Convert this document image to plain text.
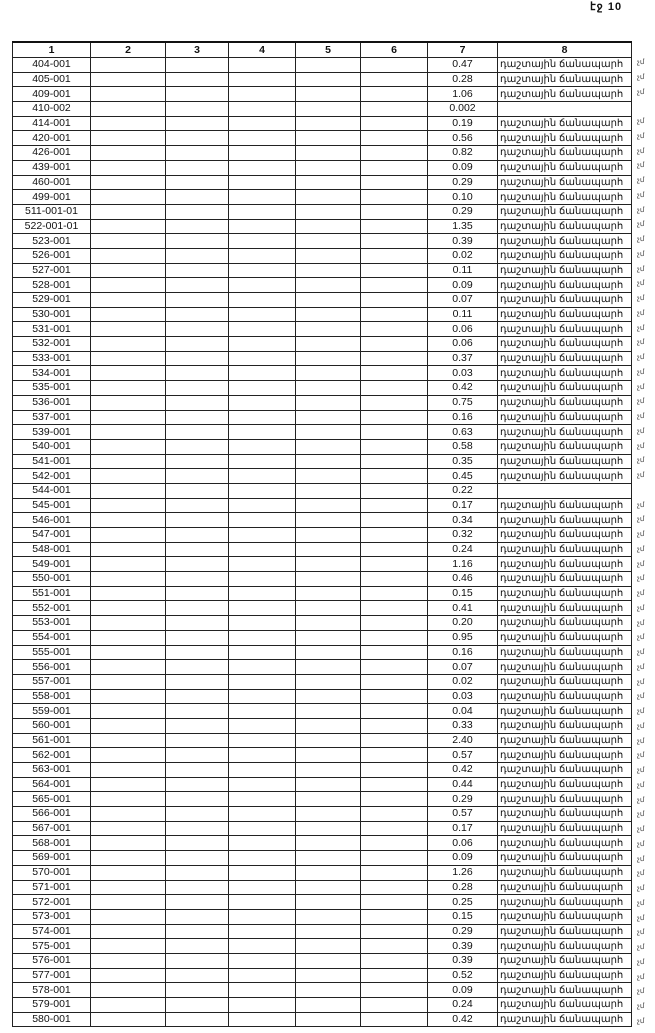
էջ 10
1	2	3	4	5	6	7	8
404-001						0.47	դաշտային ճանապարհ
405-001						0.28	դաշտային ճանապարհ
409-001						1.06	դաշտային ճանապարհ
410-002						0.002	
414-001						0.19	դաշտային ճանապարհ
420-001						0.56	դաշտային ճանապարհ
426-001						0.82	դաշտային ճանապարհ
439-001						0.09	դաշտային ճանապարհ
460-001						0.29	դաշտային ճանապարհ
499-001						0.10	դաշտային ճանապարհ
511-001-01						0.29	դաշտային ճանապարհ
522-001-01						1.35	դաշտային ճանապարհ
523-001						0.39	դաշտային ճանապարհ
526-001						0.02	դաշտային ճանապարհ
527-001						0.11	դաշտային ճանապարհ
528-001						0.09	դաշտային ճանապարհ
529-001						0.07	դաշտային ճանապարհ
530-001						0.11	դաշտային ճանապարհ
531-001						0.06	դաշտային ճանապարհ
532-001						0.06	դաշտային ճանապարհ
533-001						0.37	դաշտային ճանապարհ
534-001						0.03	դաշտային ճանապարհ
535-001						0.42	դաշտային ճանապարհ
536-001						0.75	դաշտային ճանապարհ
537-001						0.16	դաշտային ճանապարհ
539-001						0.63	դաշտային ճանապարհ
540-001						0.58	դաշտային ճանապարհ
541-001						0.35	դաշտային ճանապարհ
542-001						0.45	դաշտային ճանապարհ
544-001						0.22	
545-001						0.17	դաշտային ճանապարհ
546-001						0.34	դաշտային ճանապարհ
547-001						0.32	դաշտային ճանապարհ
548-001						0.24	դաշտային ճանապարհ
549-001						1.16	դաշտային ճանապարհ
550-001						0.46	դաշտային ճանապարհ
551-001						0.15	դաշտային ճանապարհ
552-001						0.41	դաշտային ճանապարհ
553-001						0.20	դաշտային ճանապարհ
554-001						0.95	դաշտային ճանապարհ
555-001						0.16	դաշտային ճանապարհ
556-001						0.07	դաշտային ճանապարհ
557-001						0.02	դաշտային ճանապարհ
558-001						0.03	դաշտային ճանապարհ
559-001						0.04	դաշտային ճանապարհ
560-001						0.33	դաշտային ճանապարհ
561-001						2.40	դաշտային ճանապարհ
562-001						0.57	դաշտային ճանապարհ
563-001						0.42	դաշտային ճանապարհ
564-001						0.44	դաշտային ճանապարհ
565-001						0.29	դաշտային ճանապարհ
566-001						0.57	դաշտային ճանապարհ
567-001						0.17	դաշտային ճանապարհ
568-001						0.06	դաշտային ճանապարհ
569-001						0.09	դաշտային ճանապարհ
570-001						1.26	դաշտային ճանապարհ
571-001						0.28	դաշտային ճանապարհ
572-001						0.25	դաշտային ճանապարհ
573-001						0.15	դաշտային ճանապարհ
574-001						0.29	դաշտային ճանապարհ
575-001						0.39	դաշտային ճանապարհ
576-001						0.39	դաշտային ճանապարհ
577-001						0.52	դաշտային ճանապարհ
578-001						0.09	դաշտային ճանապարհ
579-001						0.24	դաշտային ճանապարհ
580-001						0.42	դաշտային ճանապարհ
չմ
չմ
չմ
չմ
չմ
չմ
չմ
չմ
չմ
չմ
չմ
չմ
չմ
չմ
չմ
չմ
չմ
չմ
չմ
չմ
չմ
չմ
չմ
չմ
չմ
չմ
չմ
չմ
չմ
չմ
չմ
չմ
չմ
չմ
չմ
չմ
չմ
չմ
չմ
չմ
չմ
չմ
չմ
չմ
չմ
չմ
չմ
չմ
չմ
չմ
չմ
չմ
չմ
չմ
չմ
չմ
չմ
չմ
չմ
չմ
չմ
չմ
չմ
չմ
